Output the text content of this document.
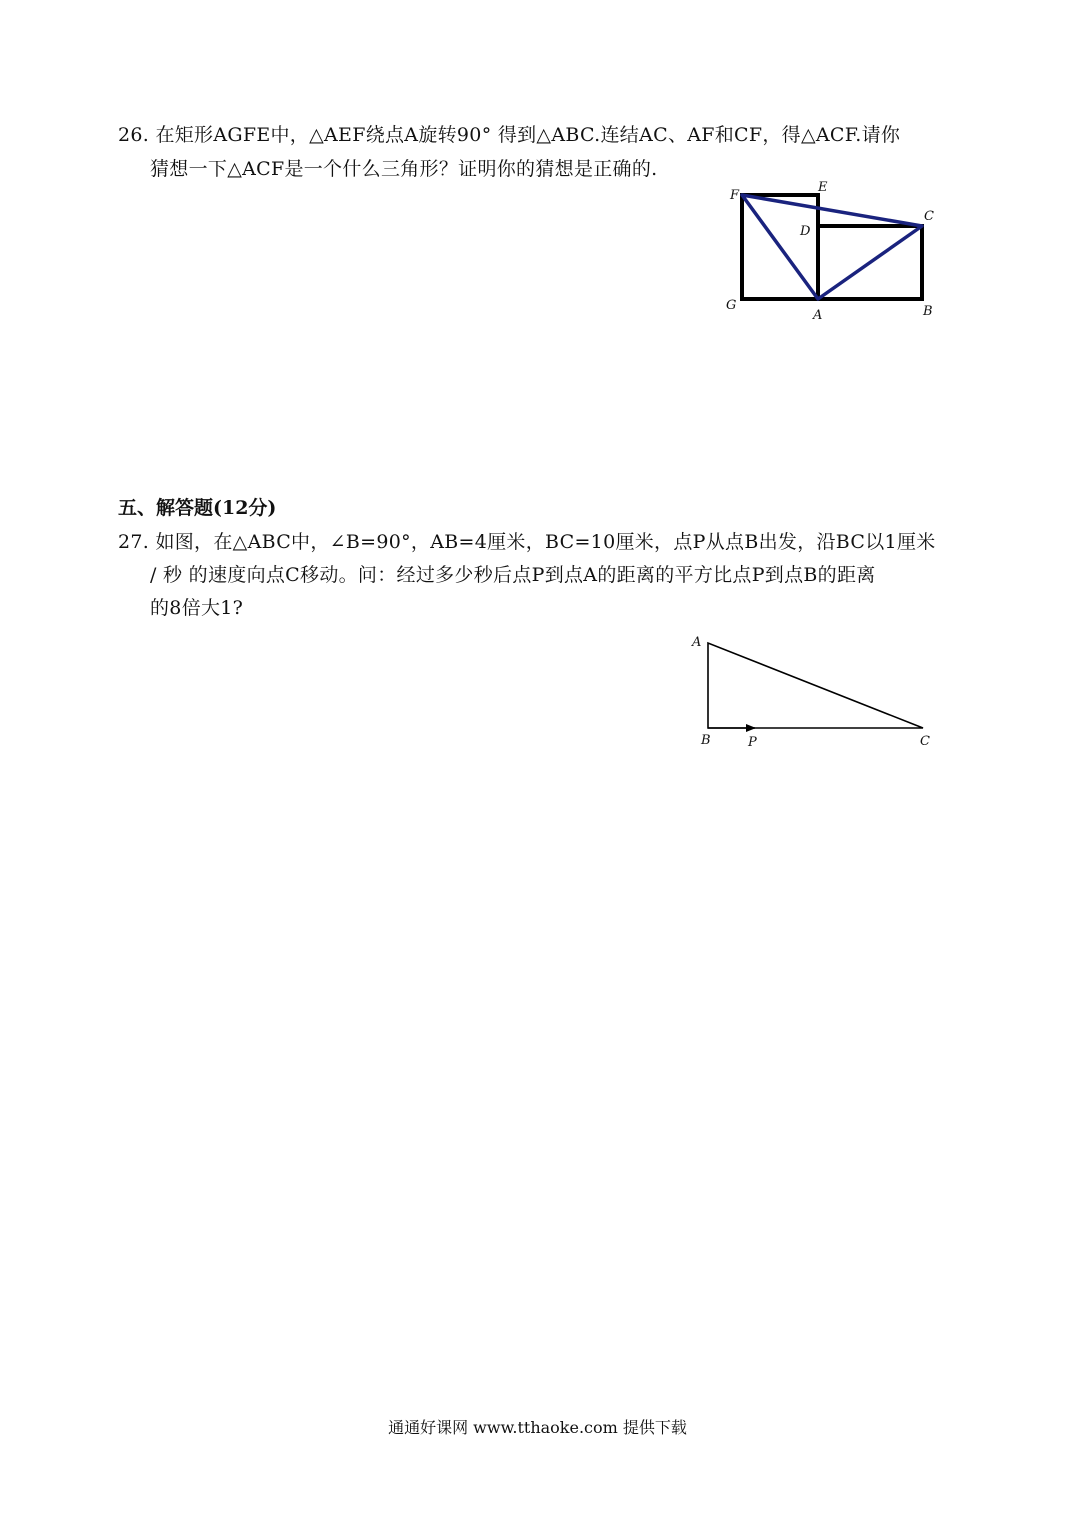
26. 在矩形AGFE中，△AEF绕点A旋转90° 得到△ABC.连结AC、AF和CF，得△ACF.请你
猜想一下△ACF是一个什么三角形？证明你的猜想是正确的.
F
E
C
D
G
A	B
五、解答题(12分)
27. 如图，在△ABC中，∠B=90°，AB=4厘米，BC=10厘米，点P从点B出发，沿BC以1厘米
/ 秒 的速度向点C移动。问：经过多少秒后点P到点A的距离的平方比点P到点B的距离
的8倍大1?
A
B	P	C
通通好课网 www.tthaoke.com 提供下载
